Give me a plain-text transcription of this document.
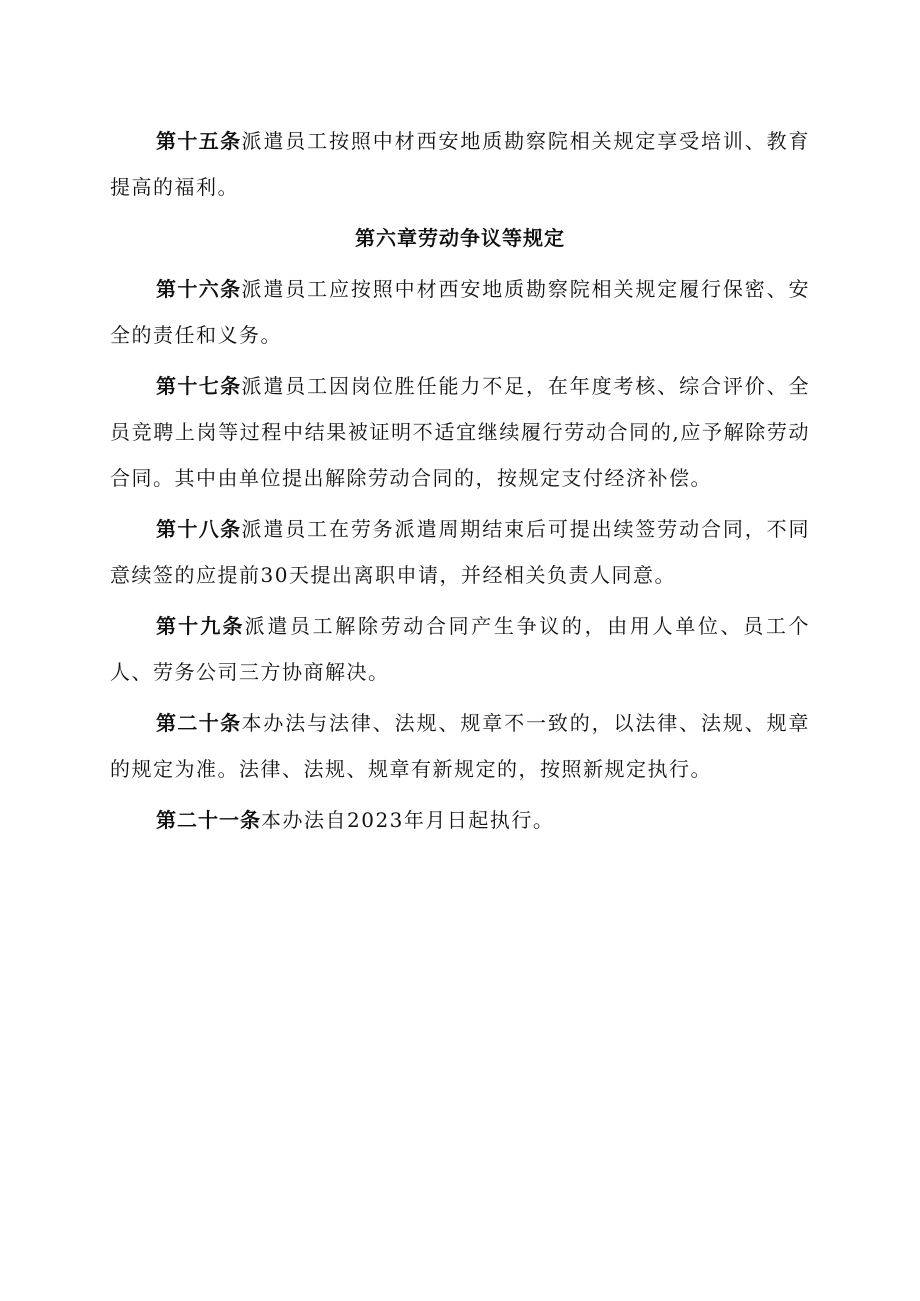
第十五条派遣员工按照中材西安地质勘察院相关规定享受培训、教育提高的福利。

第六章劳动争议等规定

第十六条派遣员工应按照中材西安地质勘察院相关规定履行保密、安全的责任和义务。

第十七条派遣员工因岗位胜任能力不足，在年度考核、综合评价、全员竞聘上岗等过程中结果被证明不适宜继续履行劳动合同的,应予解除劳动合同。其中由单位提出解除劳动合同的，按规定支付经济补偿。

第十八条派遣员工在劳务派遣周期结束后可提出续签劳动合同，不同意续签的应提前30天提出离职申请，并经相关负责人同意。

第十九条派遣员工解除劳动合同产生争议的，由用人单位、员工个人、劳务公司三方协商解决。

第二十条本办法与法律、法规、规章不一致的，以法律、法规、规章的规定为准。法律、法规、规章有新规定的，按照新规定执行。

第二十一条本办法自2023年月日起执行。
